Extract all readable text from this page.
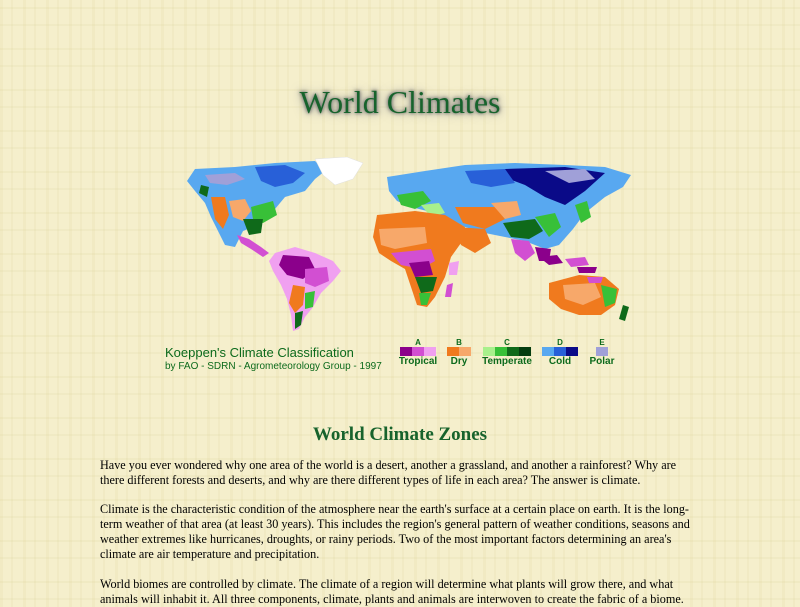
World Climates
Koeppen's Climate Classification
by FAO - SDRN - Agrometeorology Group - 1997
A
Tropical
B
Dry
C
Temperate
D
Cold
E
Polar
World Climate Zones

Have you ever wondered why one area of the world is a desert, another a grassland, and another a rainforest? Why are there different forests and deserts, and why are there different types of life in each area? The answer is climate.

Climate is the characteristic condition of the atmosphere near the earth's surface at a certain place on earth. It is the long-term weather of that area (at least 30 years). This includes the region's general pattern of weather conditions, seasons and weather extremes like hurricanes, droughts, or rainy periods. Two of the most important factors determining an area's climate are air temperature and precipitation.

World biomes are controlled by climate. The climate of a region will determine what plants will grow there, and what animals will inhabit it. All three components, climate, plants and animals are interwoven to create the fabric of a biome.
